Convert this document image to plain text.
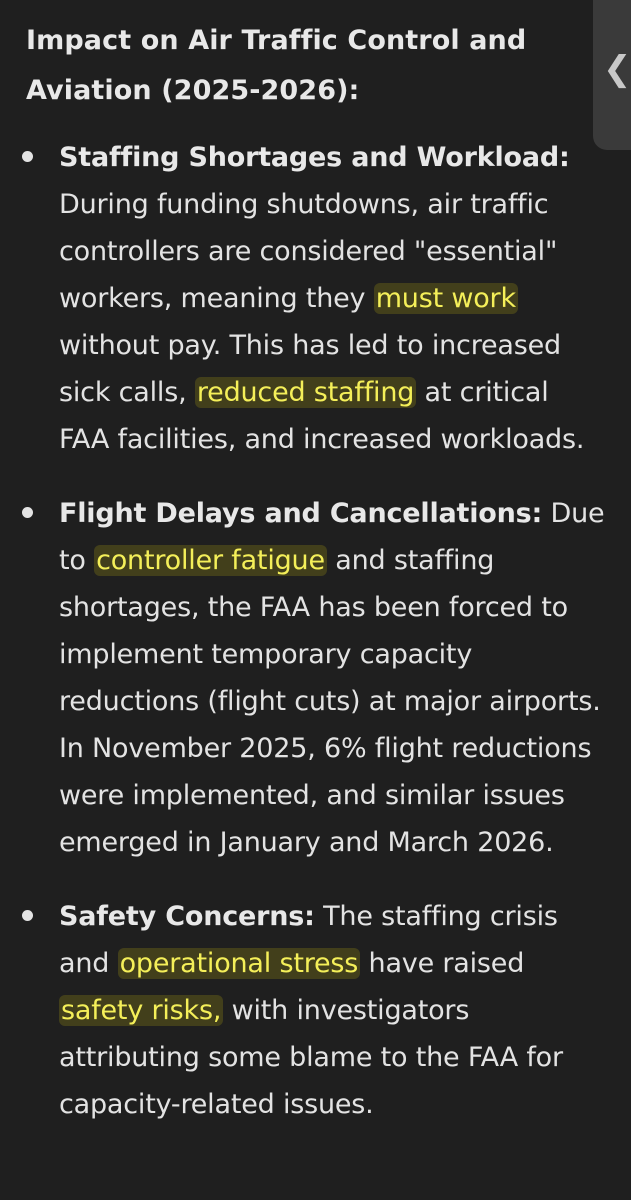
❮
Impact on Air Traffic Control and Aviation (2025-2026):
Staffing Shortages and Workload: During funding shutdowns, air traffic controllers are considered "essential" workers, meaning they must work without pay. This has led to increased sick calls, reduced staffing at critical FAA facilities, and increased workloads.
Flight Delays and Cancellations: Due to controller fatigue and staffing shortages, the FAA has been forced to implement temporary capacity reductions (flight cuts) at major airports. In November 2025, 6% flight reductions were implemented, and similar issues emerged in January and March 2026.
Safety Concerns: The staffing crisis and operational stress have raised safety risks, with investigators attributing some blame to the FAA for capacity-related issues.
